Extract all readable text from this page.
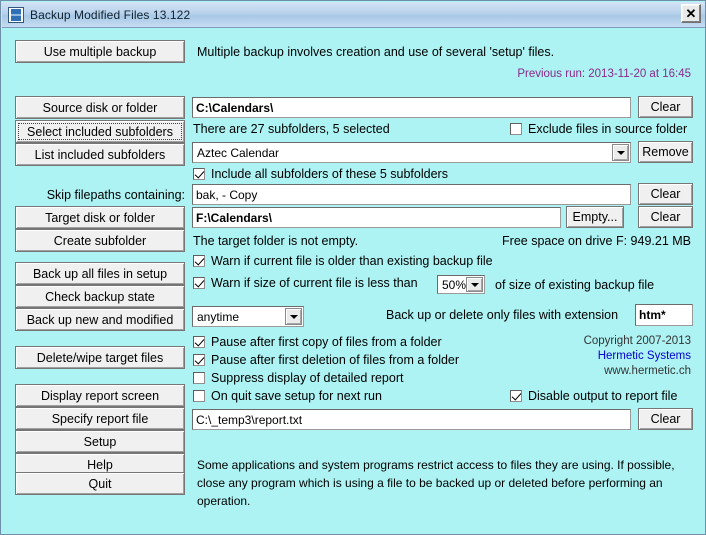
Backup Modified Files 13.122	✕
Use multiple backup	Multiple backup involves creation and use of several 'setup' files.
Previous run: 2013-11-20 at 16:45
Source disk or folder
Select included subfolders
List included subfolders
C:\Calendars\	Clear
There are 27 subfolders, 5 selected	Exclude files in source folder
Aztec Calendar	Remove
Include all subfolders of these 5 subfolders
Skip filepaths containing: bak, - Copy	Clear
Target disk or folder
Create subfolder
F:\Calendars\	Empty...	Clear
The target folder is not empty.	Free space on drive F: 949.21 MB
Back up all files in setup
Check backup state
Back up new and modified
Delete/wipe target files
Display report screen
Specify report file
Setup
Help
Quit
Warn if current file is older than existing backup file
Warn if size of current file is less than	50% of size of existing backup file
anytime	Back up or delete only files with extension	htm*
Pause after first copy of files from a folder
Pause after first deletion of files from a folder
Suppress display of detailed report
On quit save setup for next run	Disable output to report file
Copyright 2007-2013
Hermetic Systems
www.hermetic.ch
C:\_temp3\report.txt	Clear
Some applications and system programs restrict access to files they are using. If possible, close any program which is using a file to be backed up or deleted before performing an operation.
